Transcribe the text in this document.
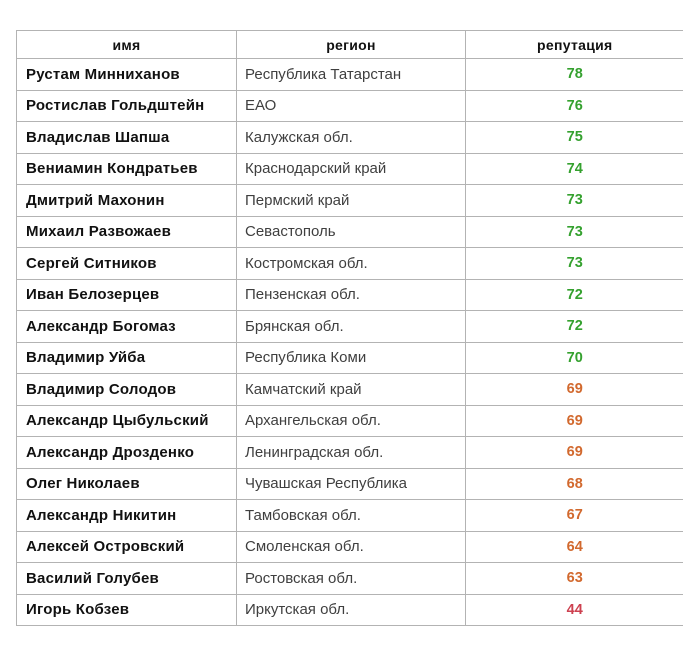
имя	регион	репутация
Рустам Минниханов	Республика Татарстан	78
Ростислав Гольдштейн	ЕАО	76
Владислав Шапша	Калужская обл.	75
Вениамин Кондратьев	Краснодарский край	74
Дмитрий Махонин	Пермский край	73
Михаил Развожаев	Севастополь	73
Сергей Ситников	Костромская обл.	73
Иван Белозерцев	Пензенская обл.	72
Александр Богомаз	Брянская обл.	72
Владимир Уйба	Республика Коми	70
Владимир Солодов	Камчатский край	69
Александр Цыбульский	Архангельская обл.	69
Александр Дрозденко	Ленинградская обл.	69
Олег Николаев	Чувашская Республика	68
Александр Никитин	Тамбовская обл.	67
Алексей Островский	Смоленская обл.	64
Василий Голубев	Ростовская обл.	63
Игорь Кобзев	Иркутская обл.	44
